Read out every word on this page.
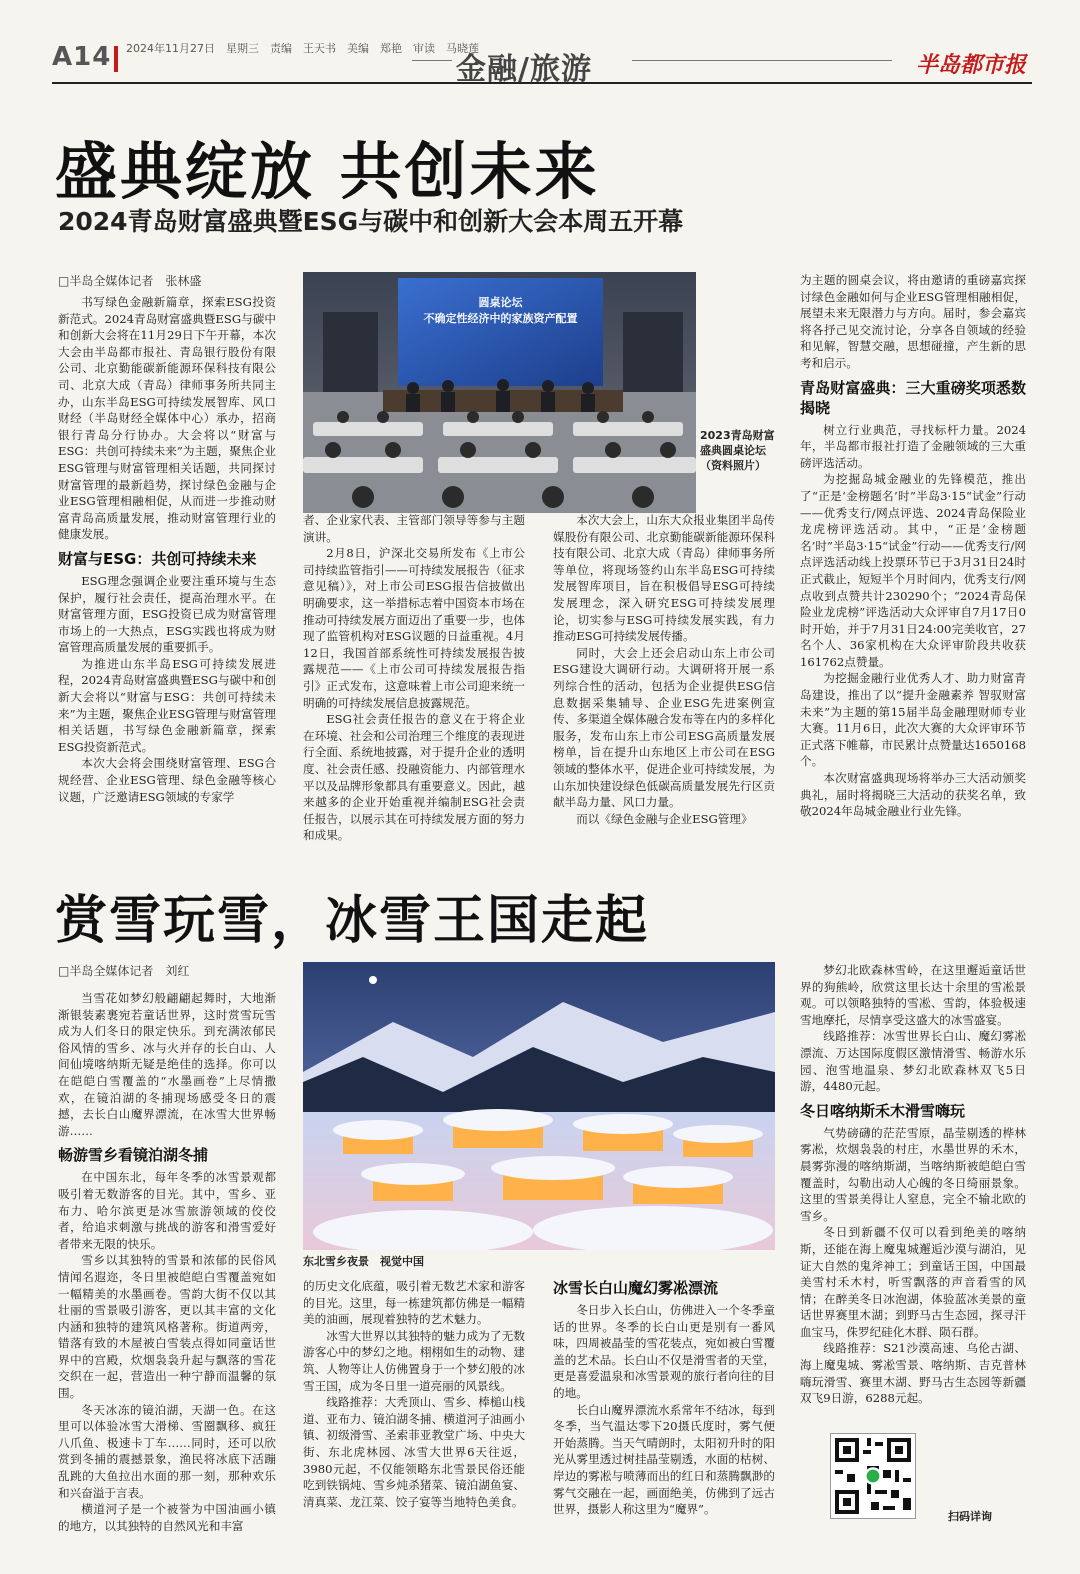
A14 2024年11月27日　星期三　责编　王天书　美编　郑艳　审读　马晓莲
金融/旅游	半岛都市报
盛典绽放 共创未来
2024青岛财富盛典暨ESG与碳中和创新大会本周五开幕
□半岛全媒体记者　张林盛
圆桌论坛
不确定性经济中的家族资产配置
2023青岛财富盛典圆桌论坛（资料照片）

书写绿色金融新篇章，探索ESG投资新范式。2024青岛财富盛典暨ESG与碳中和创新大会将在11月29日下午开幕，本次大会由半岛都市报社、青岛银行股份有限公司、北京勤能碳新能源环保科技有限公司、北京大成（青岛）律师事务所共同主办，山东半岛ESG可持续发展智库、风口财经（半岛财经全媒体中心）承办，招商银行青岛分行协办。大会将以“财富与ESG：共创可持续未来”为主题，聚焦企业ESG管理与财富管理相关话题，共同探讨财富管理的最新趋势，探讨绿色金融与企业ESG管理相融相促，从而进一步推动财富青岛高质量发展，推动财富管理行业的健康发展。

财富与ESG：共创可持续未来

ESG理念强调企业要注重环境与生态保护，履行社会责任，提高治理水平。在财富管理方面，ESG投资已成为财富管理市场上的一大热点，ESG实践也将成为财富管理高质量发展的重要抓手。

为推进山东半岛ESG可持续发展进程，2024青岛财富盛典暨ESG与碳中和创新大会将以“财富与ESG：共创可持续未来”为主题，聚焦企业ESG管理与财富管理相关话题，书写绿色金融新篇章，探索ESG投资新范式。

本次大会将会围绕财富管理、ESG合规经营、企业ESG管理、绿色金融等核心议题，广泛邀请ESG领域的专家学

者、企业家代表、主管部门领导等参与主题演讲。

2月8日，沪深北交易所发布《上市公司持续监管指引——可持续发展报告（征求意见稿）》，对上市公司ESG报告信披做出明确要求，这一举措标志着中国资本市场在推动可持续发展方面迈出了重要一步，也体现了监管机构对ESG议题的日益重视。4月12日，我国首部系统性可持续发展报告披露规范——《上市公司可持续发展报告指引》正式发布，这意味着上市公司迎来统一明确的可持续发展信息披露规范。

ESG社会责任报告的意义在于将企业在环境、社会和公司治理三个维度的表现进行全面、系统地披露，对于提升企业的透明度、社会责任感、投融资能力、内部管理水平以及品牌形象都具有重要意义。因此，越来越多的企业开始重视并编制ESG社会责任报告，以展示其在可持续发展方面的努力和成果。

本次大会上，山东大众报业集团半岛传媒股份有限公司、北京勤能碳新能源环保科技有限公司、北京大成（青岛）律师事务所等单位，将现场签约山东半岛ESG可持续发展智库项目，旨在积极倡导ESG可持续发展理念，深入研究ESG可持续发展理论，切实参与ESG可持续发展实践，有力推动ESG可持续发展传播。

同时，大会上还会启动山东上市公司ESG建设大调研行动。大调研将开展一系列综合性的活动，包括为企业提供ESG信息数据采集辅导、企业ESG先进案例宣传、多渠道全媒体融合发布等在内的多样化服务，发布山东上市公司ESG高质量发展榜单，旨在提升山东地区上市公司在ESG领域的整体水平，促进企业可持续发展，为山东加快建设绿色低碳高质量发展先行区贡献半岛力量、风口力量。

而以《绿色金融与企业ESG管理》

为主题的圆桌会议，将由邀请的重磅嘉宾探讨绿色金融如何与企业ESG管理相融相促，展望未来无限潜力与方向。届时，参会嘉宾将各抒己见交流讨论，分享各自领域的经验和见解，智慧交融，思想碰撞，产生新的思考和启示。

青岛财富盛典：三大重磅奖项悉数揭晓

树立行业典范，寻找标杆力量。2024年，半岛都市报社打造了金融领域的三大重磅评选活动。

为挖掘岛城金融业的先锋模范，推出了“正是‘金榜题名’时”半岛3·15“试金”行动——优秀支行/网点评选、2024青岛保险业龙虎榜评选活动。其中，“正是‘金榜题名’时”半岛3·15“试金”行动——优秀支行/网点评选活动线上投票环节已于3月31日24时正式截止，短短半个月时间内，优秀支行/网点收到点赞共计230290个；“2024青岛保险业龙虎榜”评选活动大众评审自7月17日0时开始，并于7月31日24:00完美收官，27名个人、36家机构在大众评审阶段共收获161762点赞量。

为挖掘金融行业优秀人才、助力财富青岛建设，推出了以“提升金融素养 智驭财富未来”为主题的第15届半岛金融理财师专业大赛。11月6日，此次大赛的大众评审环节正式落下帷幕，市民累计点赞量达1650168个。

本次财富盛典现场将举办三大活动颁奖典礼，届时将揭晓三大活动的获奖名单，致敬2024年岛城金融业行业先锋。

赏雪玩雪，冰雪王国走起
□半岛全媒体记者　刘红
东北雪乡夜景　视觉中国

当雪花如梦幻般翩翩起舞时，大地渐渐银装素裹宛若童话世界，这时赏雪玩雪成为人们冬日的限定快乐。到充满浓郁民俗风情的雪乡、冰与火并存的长白山、人间仙境喀纳斯无疑是绝佳的选择。你可以在皑皑白雪覆盖的“水墨画卷”上尽情撒欢，在镜泊湖的冬捕现场感受冬日的震撼，去长白山魔界漂流，在冰雪大世界畅游……

畅游雪乡看镜泊湖冬捕

在中国东北，每年冬季的冰雪景观都吸引着无数游客的目光。其中，雪乡、亚布力、哈尔滨更是冰雪旅游领域的佼佼者，给追求刺激与挑战的游客和滑雪爱好者带来无限的快乐。

雪乡以其独特的雪景和浓郁的民俗风情闻名遐迩，冬日里被皑皑白雪覆盖宛如一幅精美的水墨画卷。雪韵大街不仅以其壮丽的雪景吸引游客，更以其丰富的文化内涵和独特的建筑风格著称。街道两旁，错落有致的木屋被白雪装点得如同童话世界中的宫殿，炊烟袅袅升起与飘落的雪花交织在一起，营造出一种宁静而温馨的氛围。

冬天冰冻的镜泊湖，天湖一色。在这里可以体验冰雪大滑梯、雪圈飘移、疯狂八爪鱼、极速卡丁车……同时，还可以欣赏到冬捕的震撼景象，渔民将冰底下活蹦乱跳的大鱼拉出水面的那一刻，那种欢乐和兴奋溢于言表。

横道河子是一个被誉为中国油画小镇的地方，以其独特的自然风光和丰富

的历史文化底蕴，吸引着无数艺术家和游客的目光。这里，每一栋建筑都仿佛是一幅精美的油画，展现着独特的艺术魅力。

冰雪大世界以其独特的魅力成为了无数游客心中的梦幻之地。栩栩如生的动物、建筑、人物等让人仿佛置身于一个梦幻般的冰雪王国，成为冬日里一道亮丽的风景线。

线路推荐：大秃顶山、雪乡、棒槌山栈道、亚布力、镜泊湖冬捕、横道河子油画小镇、初级滑雪、圣索菲亚教堂广场、中央大街、东北虎林园、冰雪大世界6天往返，3980元起，不仅能领略东北雪景民俗还能吃到铁锅炖、雪乡炖杀猪菜、镜泊湖鱼宴、清真菜、龙江菜、饺子宴等当地特色美食。

冰雪长白山魔幻雾凇漂流

冬日步入长白山，仿佛进入一个冬季童话的世界。冬季的长白山更是别有一番风味，四周被晶莹的雪花装点，宛如被白雪覆盖的艺术品。长白山不仅是滑雪者的天堂，更是喜爱温泉和冰雪景观的旅行者向往的目的地。

长白山魔界漂流水系常年不结冰，每到冬季，当气温达零下20摄氏度时，雾气便开始蒸腾。当天气晴朗时，太阳初升时的阳光从雾里透过树挂晶莹剔透，水面的枯树、岸边的雾凇与喷薄而出的红日和蒸腾飘渺的雾气交融在一起，画面绝美，仿佛到了远古世界，摄影人称这里为“魔界”。

梦幻北欧森林雪岭，在这里邂逅童话世界的狗熊岭，欣赏这里长达十余里的雪凇景观。可以领略独特的雪凇、雪韵，体验极速雪地摩托，尽情享受这盛大的冰雪盛宴。

线路推荐：冰雪世界长白山、魔幻雾凇漂流、万达国际度假区激情滑雪、畅游水乐园、泡雪地温泉、梦幻北欧森林双飞5日游，4480元起。

冬日喀纳斯禾木滑雪嗨玩

气势磅礴的茫茫雪原，晶莹剔透的桦林雾凇，炊烟袅袅的村庄，水墨世界的禾木，晨雾弥漫的喀纳斯湖，当喀纳斯被皑皑白雪覆盖时，勾勒出动人心魄的冬日绮丽景象。这里的雪景美得让人窒息，完全不输北欧的雪乡。

冬日到新疆不仅可以看到绝美的喀纳斯，还能在海上魔鬼城邂逅沙漠与湖泊，见证大自然的鬼斧神工；到童话王国，中国最美雪村禾木村，听雪飘落的声音看雪的风情；在醉美冬日冰泡湖，体验蓝冰美景的童话世界赛里木湖；到野马古生态园，探寻汗血宝马，侏罗纪硅化木群、陨石群。

线路推荐：S21沙漠高速、乌伦古湖、海上魔鬼城、雾凇雪景、喀纳斯、吉克普林嗨玩滑雪、赛里木湖、野马古生态园等新疆双飞9日游，6288元起。

扫码详询
